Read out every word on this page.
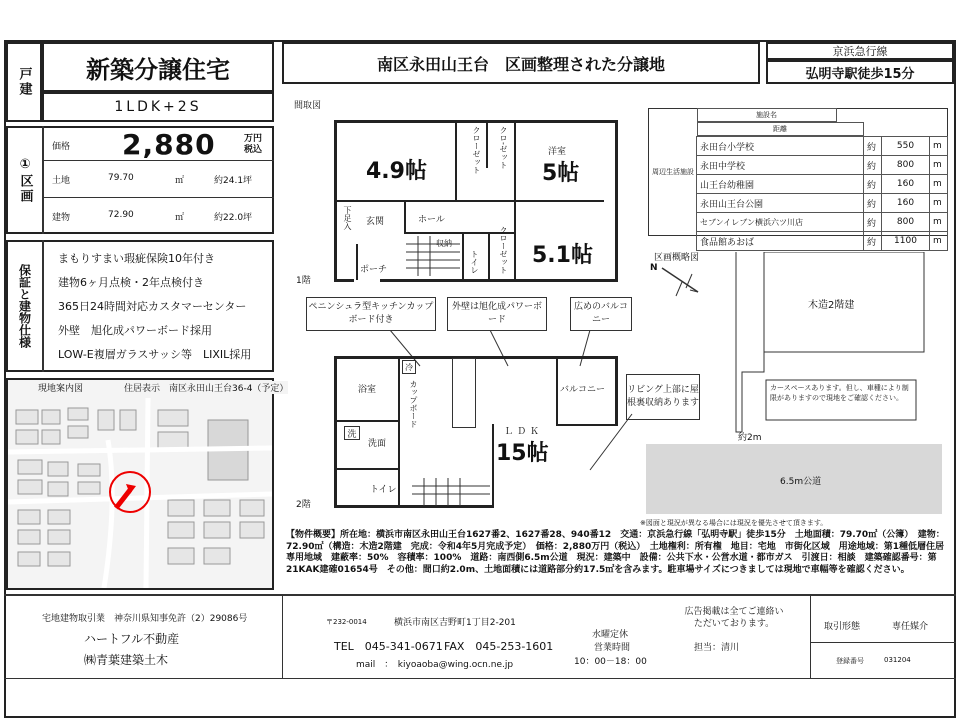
戸建	新築分譲住宅
1LDK+2S
南区永田山王台　区画整理された分譲地
京浜急行線
弘明寺駅徒歩15分
①区画
価格 2,880	万円税込
土地	79.70	㎡	約24.1坪
建物	72.90	㎡	約22.0坪
保証と建物仕様
まもりすまい瑕疵保険10年付き
建物6ヶ月点検・2年点検付き
365日24時間対応カスタマーセンター
外壁　旭化成パワーボード採用
LOW-E複層ガラスサッシ等　LIXIL採用
現地案内図	住居表示　南区永田山王台36-4（予定）
間取図
1階
2階
4.9帖	クローゼット	クロ-ゼット	洋室
5帖
5.1帖
クローゼット
下足入 玄関	ホール
ポーチ	トイレ
ペニンシュラ型キッチンカップボード付き
外壁は旭化成パワーボード
広めのバルコニー
リビング上部に屋根裏収納あります
浴室
洗面
洗
トイレ
冷
カップボード
ＬＤＫ
15帖
バルコニー
周辺生活施設
施設名
距離

永田台小学校	約	550	m
永田中学校	約	800	m
山王台幼稚園	約	160	m
永田山王台公園	約	160	m
セブンイレブン横浜六ツ川店	約	800	m
食品館あおば	約	1100	m
区画概略図
N
木造2階建
カースペースあります。但し、車種により制限がありますので現地をご確認ください。
約2m
6.5m公道
※図面と現況が異なる場合には現況を優先させて頂きます。
【物件概要】所在地：横浜市南区永田山王台1627番2、1627番28、940番12　交通：京浜急行線「弘明寺駅」徒歩15分　土地面積：79.70㎡（公簿）　建物：72.90㎡（構造：木造2階建　完成：令和4年5月完成予定）　価格：2,880万円（税込）　土地権利：所有権　地目：宅地　市街化区域　用途地域：第1種低層住居専用地域　建蔽率：50%　容積率：100%　道路：南西側6.5m公道　現況：建築中　設備：公共下水・公営水道・都市ガス　引渡日：相談　建築確認番号：第21KAK建確01654号　その他：間口約2.0m、土地面積には道路部分約17.5㎡を含みます。駐車場サイズにつきましては現地で車幅等を確認ください。
宅地建物取引業　神奈川県知事免許（2）29086号
ハートフル不動産
㈱青葉建築土木
〒232-0014	横浜市南区吉野町1丁目2-201
TEL　045-341-0671 FAX　045-253-1601
mail　：　kiyoaoba@wing.ocn.ne.jp
水曜定休
営業時間
10：00－18：00
広告掲載は全てご連絡いただいております。
担当：清川
取引形態	専任媒介
登録番号	031204
